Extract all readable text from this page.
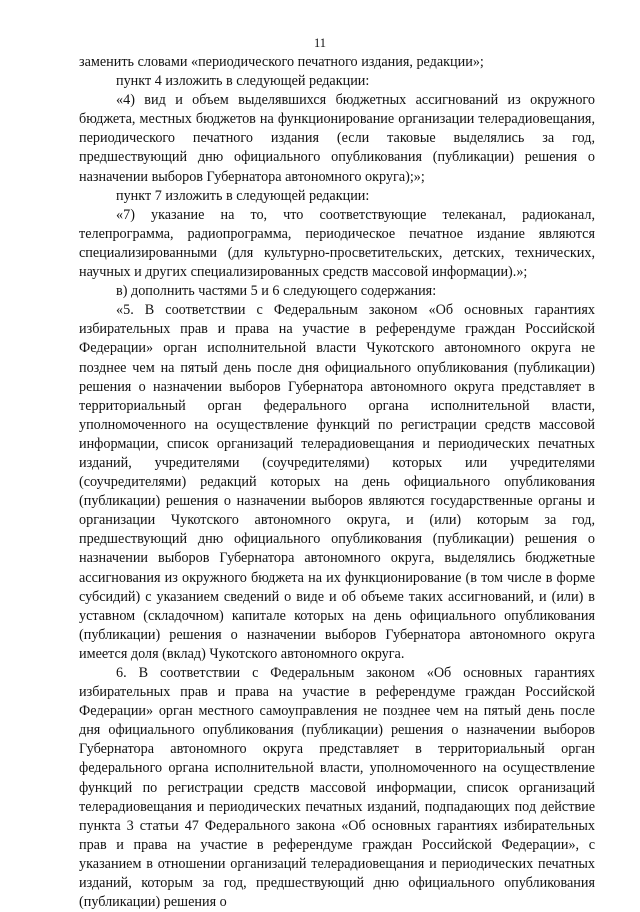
11

заменить словами «периодического печатного издания, редакции»;

пункт 4 изложить в следующей редакции:

«4) вид и объем выделявшихся бюджетных ассигнований из окружного бюджета, местных бюджетов на функционирование организации телерадиовещания, периодического печатного издания (если таковые выделялись за год, предшествующий дню официального опубликования (публикации) решения о назначении выборов Губернатора автономного округа);»;

пункт 7 изложить в следующей редакции:

«7) указание на то, что соответствующие телеканал, радиоканал, телепрограмма, радиопрограмма, периодическое печатное издание являются специализированными (для культурно-просветительских, детских, технических, научных и других специализированных средств массовой информации).»;

в) дополнить частями 5 и 6 следующего содержания:

«5. В соответствии с Федеральным законом «Об основных гарантиях избирательных прав и права на участие в референдуме граждан Российской Федерации» орган исполнительной власти Чукотского автономного округа не позднее чем на пятый день после дня официального опубликования (публикации) решения о назначении выборов Губернатора автономного округа представляет в территориальный орган федерального органа исполнительной власти, уполномоченного на осуществление функций по регистрации средств массовой информации, список организаций телерадиовещания и периодических печатных изданий, учредителями (соучредителями) которых или учредителями (соучредителями) редакций которых на день официального опубликования (публикации) решения о назначении выборов являются государственные органы и организации Чукотского автономного округа, и (или) которым за год, предшествующий дню официального опубликования (публикации) решения о назначении выборов Губернатора автономного округа, выделялись бюджетные ассигнования из окружного бюджета на их функционирование (в том числе в форме субсидий) с указанием сведений о виде и об объеме таких ассигнований, и (или) в уставном (складочном) капитале которых на день официального опубликования (публикации) решения о назначении выборов Губернатора автономного округа имеется доля (вклад) Чукотского автономного округа.

6. В соответствии с Федеральным законом «Об основных гарантиях избирательных прав и права на участие в референдуме граждан Российской Федерации» орган местного самоуправления не позднее чем на пятый день после дня официального опубликования (публикации) решения о назначении выборов Губернатора автономного округа представляет в территориальный орган федерального органа исполнительной власти, уполномоченного на осуществление функций по регистрации средств массовой информации, список организаций телерадиовещания и периодических печатных изданий, подпадающих под действие пункта 3 статьи 47 Федерального закона «Об основных гарантиях избирательных прав и права на участие в референдуме граждан Российской Федерации», с указанием в отношении организаций телерадиовещания и периодических печатных изданий, которым за год, предшествующий дню официального опубликования (публикации) решения о
